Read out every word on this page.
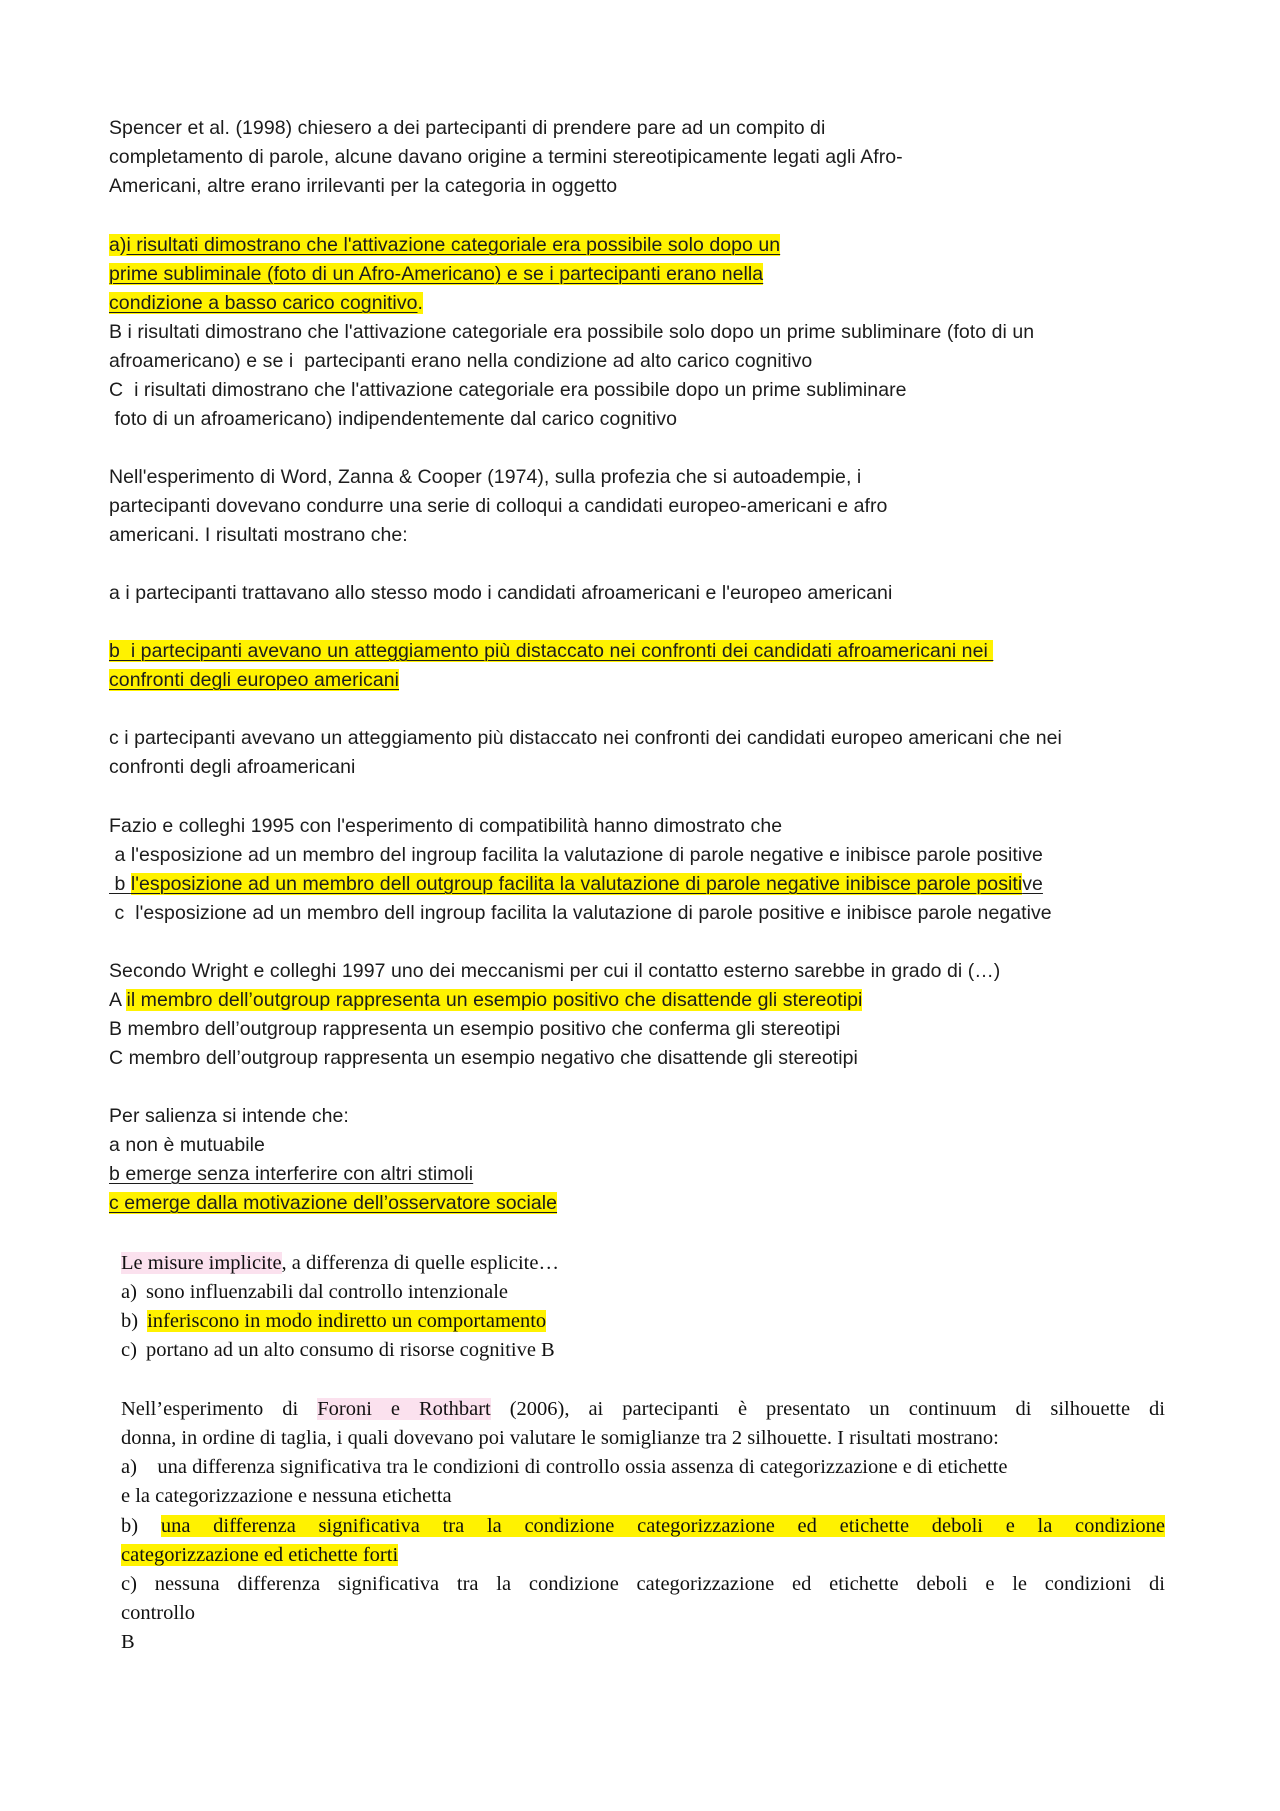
Spencer et al. (1998) chiesero a dei partecipanti di prendere pare ad un compito di
completamento di parole, alcune davano origine a termini stereotipicamente legati agli Afro-
Americani, altre erano irrilevanti per la categoria in oggetto
a)i risultati dimostrano che l'attivazione categoriale era possibile solo dopo un
prime subliminale (foto di un Afro-Americano) e se i partecipanti erano nella
condizione a basso carico cognitivo.
B i risultati dimostrano che l'attivazione categoriale era possibile solo dopo un prime subliminare (foto di un
afroamericano) e se i  partecipanti erano nella condizione ad alto carico cognitivo
C  i risultati dimostrano che l'attivazione categoriale era possibile dopo un prime subliminare
foto di un afroamericano) indipendentemente dal carico cognitivo
Nell'esperimento di Word, Zanna & Cooper (1974), sulla profezia che si autoadempie, i
partecipanti dovevano condurre una serie di colloqui a candidati europeo-americani e afro
americani. I risultati mostrano che:
a i partecipanti trattavano allo stesso modo i candidati afroamericani e l'europeo americani
b  i partecipanti avevano un atteggiamento più distaccato nei confronti dei candidati afroamericani nei
confronti degli europeo americani
c i partecipanti avevano un atteggiamento più distaccato nei confronti dei candidati europeo americani che nei
confronti degli afroamericani
Fazio e colleghi 1995 con l'esperimento di compatibilità hanno dimostrato che
a l'esposizione ad un membro del ingroup facilita la valutazione di parole negative e inibisce parole positive
b l'esposizione ad un membro dell outgroup facilita la valutazione di parole negative inibisce parole positive
c  l'esposizione ad un membro dell ingroup facilita la valutazione di parole positive e inibisce parole negative
Secondo Wright e colleghi 1997 uno dei meccanismi per cui il contatto esterno sarebbe in grado di (…)
A il membro dell’outgroup rappresenta un esempio positivo che disattende gli stereotipi
B membro dell’outgroup rappresenta un esempio positivo che conferma gli stereotipi
C membro dell’outgroup rappresenta un esempio negativo che disattende gli stereotipi
Per salienza si intende che:
a non è mutuabile
b emerge senza interferire con altri stimoli
c emerge dalla motivazione dell’osservatore sociale
Le misure implicite, a differenza di quelle esplicite…
a) sono influenzabili dal controllo intenzionale
b) inferiscono in modo indiretto un comportamento
c) portano ad un alto consumo di risorse cognitive B
Nell’esperimento di Foroni e Rothbart (2006), ai partecipanti è presentato un continuum di silhouette di
donna, in ordine di taglia, i quali dovevano poi valutare le somiglianze tra 2 silhouette. I risultati mostrano:
a)    una differenza significativa tra le condizioni di controllo ossia assenza di categorizzazione e di etichette
e la categorizzazione e nessuna etichetta
b) una differenza significativa tra la condizione categorizzazione ed etichette deboli e la condizione
categorizzazione ed etichette forti
c) nessuna differenza significativa tra la condizione categorizzazione ed etichette deboli e le condizioni di
controllo
B
